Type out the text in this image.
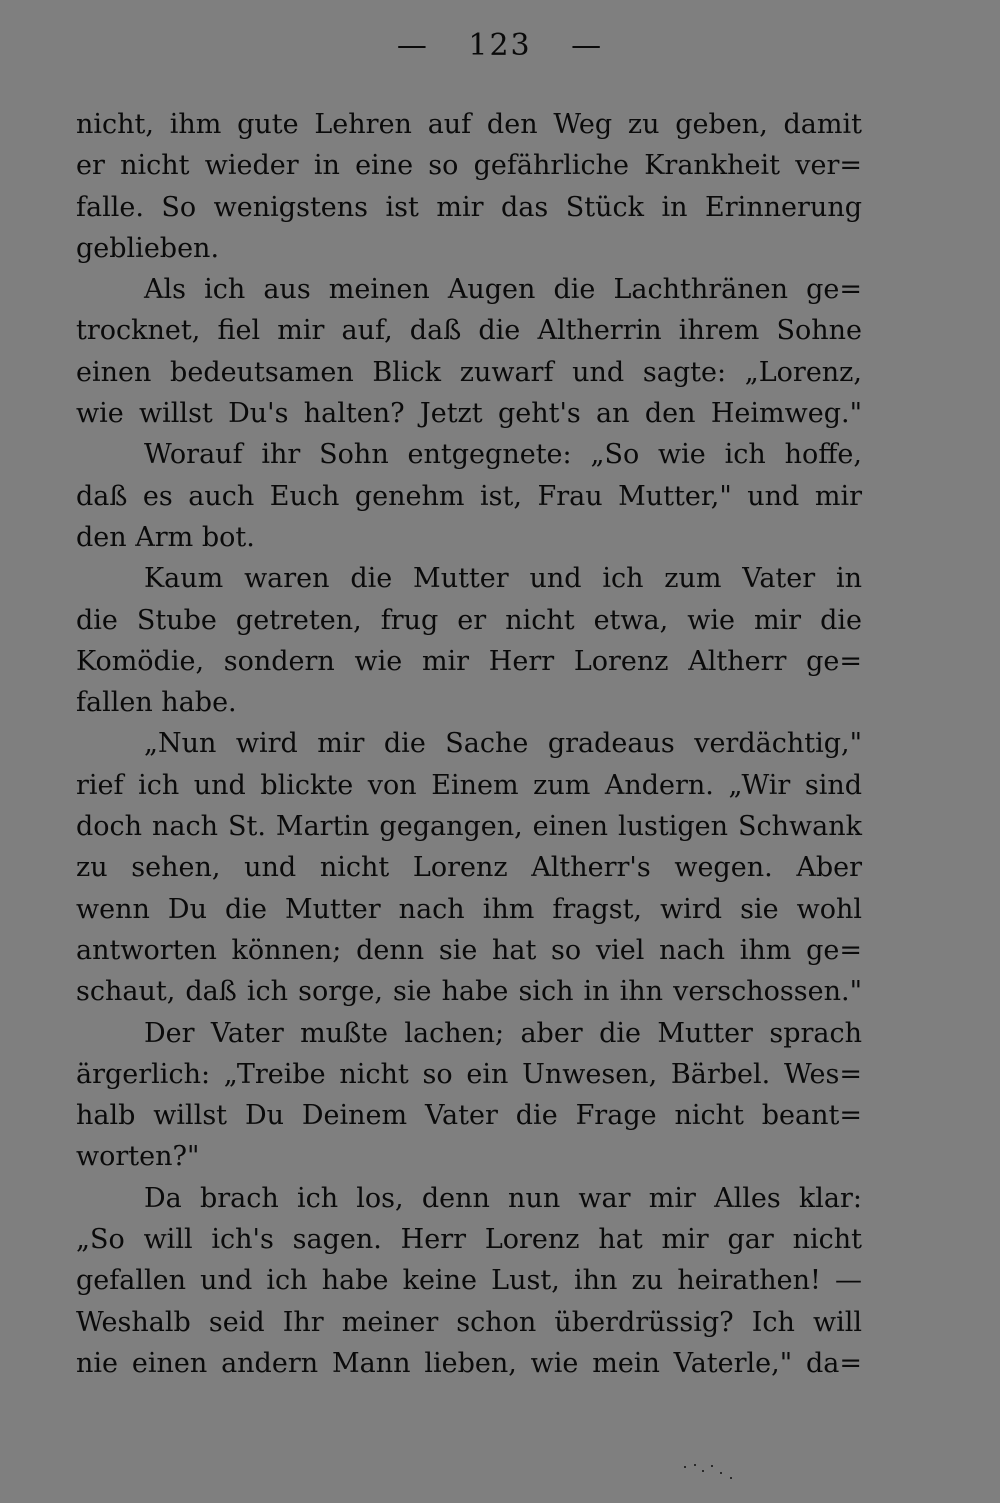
— 123 —
nicht, ihm gute Lehren auf den Weg zu geben, damit
er nicht wieder in eine so gefährliche Krankheit ver=
falle. So wenigstens ist mir das Stück in Erinnerung
geblieben.
Als ich aus meinen Augen die Lachthränen ge=
trocknet, fiel mir auf, daß die Altherrin ihrem Sohne
einen bedeutsamen Blick zuwarf und sagte: „Lorenz,
wie willst Du's halten? Jetzt geht's an den Heimweg."
Worauf ihr Sohn entgegnete: „So wie ich hoffe,
daß es auch Euch genehm ist, Frau Mutter," und mir
den Arm bot.
Kaum waren die Mutter und ich zum Vater in
die Stube getreten, frug er nicht etwa, wie mir die
Komödie, sondern wie mir Herr Lorenz Altherr ge=
fallen habe.
„Nun wird mir die Sache gradeaus verdächtig,"
rief ich und blickte von Einem zum Andern. „Wir sind
doch nach St. Martin gegangen, einen lustigen Schwank
zu sehen, und nicht Lorenz Altherr's wegen. Aber
wenn Du die Mutter nach ihm fragst, wird sie wohl
antworten können; denn sie hat so viel nach ihm ge=
schaut, daß ich sorge, sie habe sich in ihn verschossen."
Der Vater mußte lachen; aber die Mutter sprach
ärgerlich: „Treibe nicht so ein Unwesen, Bärbel. Wes=
halb willst Du Deinem Vater die Frage nicht beant=
worten?"
Da brach ich los, denn nun war mir Alles klar:
„So will ich's sagen. Herr Lorenz hat mir gar nicht
gefallen und ich habe keine Lust, ihn zu heirathen! —
Weshalb seid Ihr meiner schon überdrüssig? Ich will
nie einen andern Mann lieben, wie mein Vaterle," da=
